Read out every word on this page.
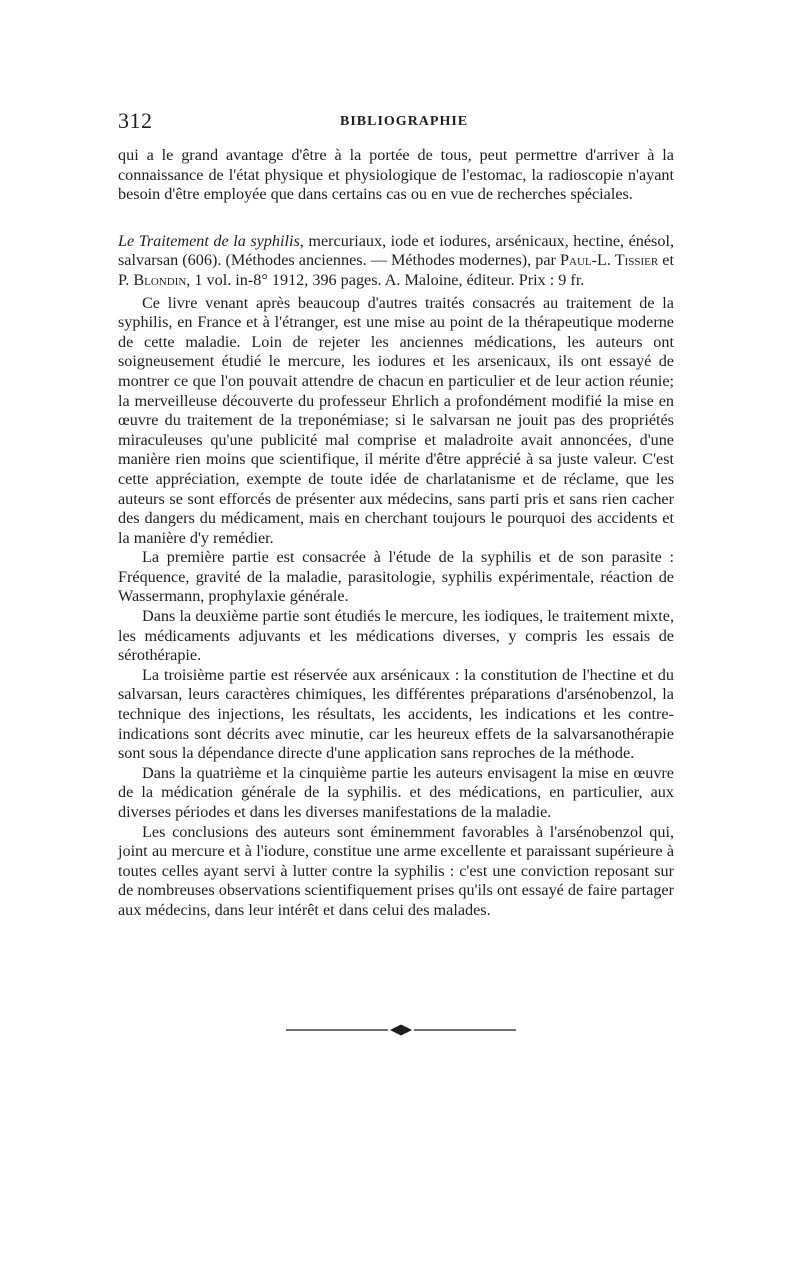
312	BIBLIOGRAPHIE

qui a le grand avantage d'être à la portée de tous, peut permettre d'arriver à la connaissance de l'état physique et physiologique de l'estomac, la radioscopie n'ayant besoin d'être employée que dans certains cas ou en vue de recherches spéciales.

Le Traitement de la syphilis, mercuriaux, iode et iodures, arsénicaux, hectine, énésol, salvarsan (606). (Méthodes anciennes. — Méthodes modernes), par Paul-L. Tissier et P. Blondin, 1 vol. in-8° 1912, 396 pages. A. Maloine, éditeur. Prix : 9 fr.

Ce livre venant après beaucoup d'autres traités consacrés au traitement de la syphilis, en France et à l'étranger, est une mise au point de la thérapeutique moderne de cette maladie. Loin de rejeter les anciennes médications, les auteurs ont soigneusement étudié le mercure, les iodures et les arsenicaux, ils ont essayé de montrer ce que l'on pouvait attendre de chacun en particulier et de leur action réunie; la merveilleuse découverte du professeur Ehrlich a profondément modifié la mise en œuvre du traitement de la treponémiase; si le salvarsan ne jouit pas des propriétés miraculeuses qu'une publicité mal comprise et maladroite avait annoncées, d'une manière rien moins que scientifique, il mérite d'être apprécié à sa juste valeur. C'est cette appréciation, exempte de toute idée de charlatanisme et de réclame, que les auteurs se sont efforcés de présenter aux médecins, sans parti pris et sans rien cacher des dangers du médicament, mais en cherchant toujours le pourquoi des accidents et la manière d'y remédier.

La première partie est consacrée à l'étude de la syphilis et de son parasite : Fréquence, gravité de la maladie, parasitologie, syphilis expérimentale, réaction de Wassermann, prophylaxie générale.

Dans la deuxième partie sont étudiés le mercure, les iodiques, le traitement mixte, les médicaments adjuvants et les médications diverses, y compris les essais de sérothérapie.

La troisième partie est réservée aux arsénicaux : la constitution de l'hectine et du salvarsan, leurs caractères chimiques, les différentes préparations d'arsénobenzol, la technique des injections, les résultats, les accidents, les indications et les contre-indications sont décrits avec minutie, car les heureux effets de la salvarsanothérapie sont sous la dépendance directe d'une application sans reproches de la méthode.

Dans la quatrième et la cinquième partie les auteurs envisagent la mise en œuvre de la médication générale de la syphilis. et des médications, en particulier, aux diverses périodes et dans les diverses manifestations de la maladie.

Les conclusions des auteurs sont éminemment favorables à l'arsénobenzol qui, joint au mercure et à l'iodure, constitue une arme excellente et paraissant supérieure à toutes celles ayant servi à lutter contre la syphilis : c'est une conviction reposant sur de nombreuses observations scientifiquement prises qu'ils ont essayé de faire partager aux médecins, dans leur intérêt et dans celui des malades.
